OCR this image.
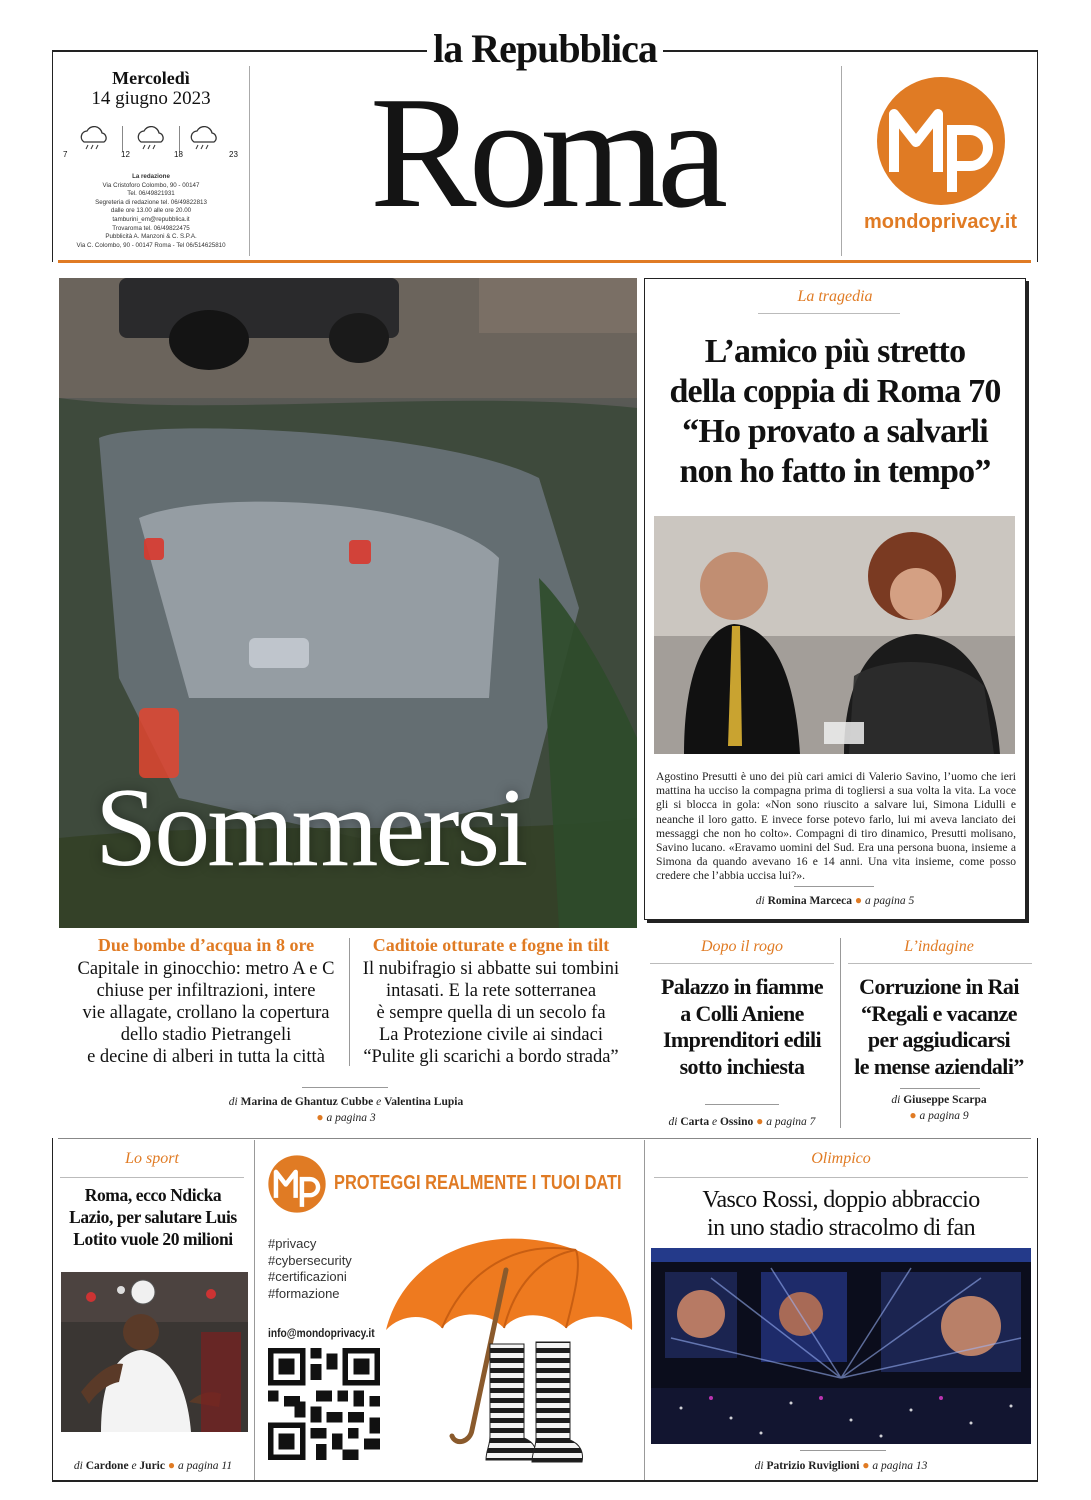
la Repubblica
Mercoledì
14 giugno 2023
7	12	18	23
La redazione
Via Cristoforo Colombo, 90 - 00147
Tel. 06/49821931
Segreteria di redazione tel. 06/49822813
dalle ore 13.00 alle ore 20.00
tamburini_em@repubblica.it
Trovaroma tel. 06/49822475
Pubblicità A. Manzoni & C. S.P.A.
Via C. Colombo, 90 - 00147 Roma - Tel 06/514625810
Roma	mondoprivacy.it
Sommersi
Due bombe d’acqua in 8 ore
Capitale in ginocchio: metro A e C
chiuse per infiltrazioni, intere
vie allagate, crollano la copertura
dello stadio Pietrangeli
e decine di alberi in tutta la città
Caditoie otturate e fogne in tilt
Il nubifragio si abbatte sui tombini
intasati. E la rete sotterranea
è sempre quella di un secolo fa
La Protezione civile ai sindaci
“Pulite gli scarichi a bordo strada”
di Marina de Ghantuz Cubbe e Valentina Lupia
● a pagina 3
La tragedia
L’amico più stretto
della coppia di Roma 70
“Ho provato a salvarli
non ho fatto in tempo”
Agostino Presutti è uno dei più cari amici di Valerio Savino, l’uomo che ieri mattina ha ucciso la compagna prima di togliersi a sua volta la vita. La voce gli si blocca in gola: «Non sono riuscito a salvare lui, Simona Lidulli e neanche il loro gatto. E invece forse potevo farlo, lui mi aveva lanciato dei messaggi che non ho colto». Compagni di tiro dinamico, Presutti molisano, Savino lucano. «Eravamo uomini del Sud. Era una persona buona, insieme a Simona da quando avevano 16 e 14 anni. Una vita insieme, come posso credere che l’abbia uccisa lui?».
di Romina Marceca ● a pagina 5
Dopo il rogo
Palazzo in fiamme
a Colli Aniene
Imprenditori edili
sotto inchiesta
di Carta e Ossino ● a pagina 7
L’indagine
Corruzione in Rai
“Regali e vacanze
per aggiudicarsi
le mense aziendali”
di Giuseppe Scarpa
● a pagina 9
Lo sport
Roma, ecco Ndicka
Lazio, per salutare Luis
Lotito vuole 20 milioni
di Cardone e Juric ● a pagina 11
PROTEGGI REALMENTE I TUOI DATI
#privacy
#cybersecurity
#certificazioni
#formazione
info@mondoprivacy.it
Olimpico
Vasco Rossi, doppio abbraccio
in uno stadio stracolmo di fan
di Patrizio Ruviglioni ● a pagina 13
